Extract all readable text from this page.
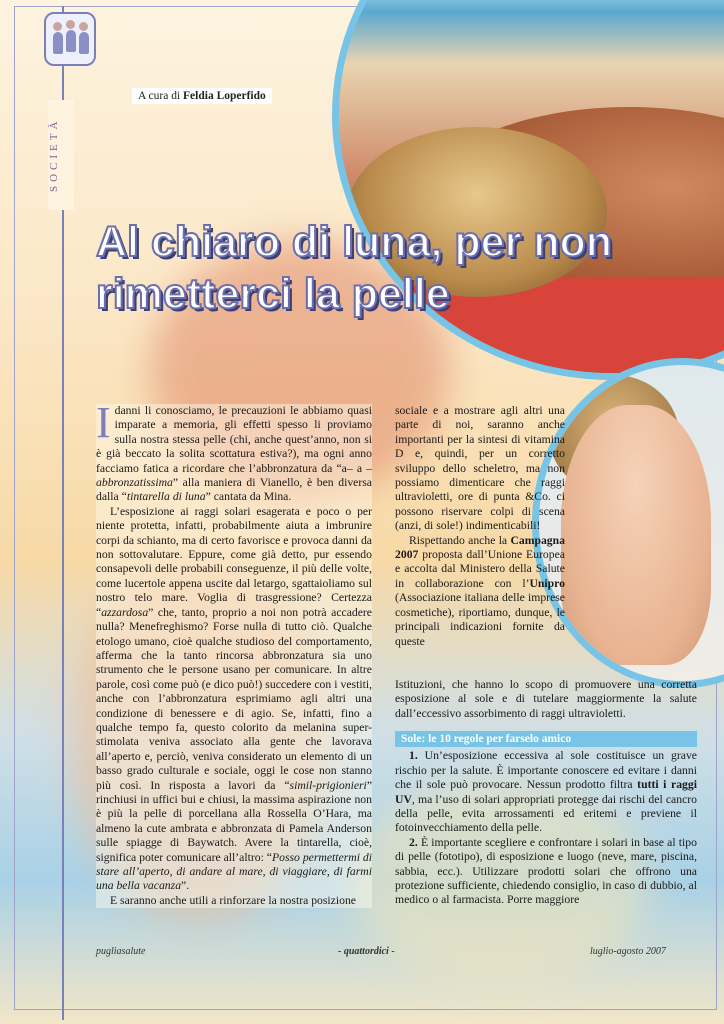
SOCIETÀ
A cura di Feldia Loperfido
Al chiaro di luna, per non rimetterci la pelle

Idanni li conosciamo, le precauzioni le abbiamo quasi imparate a memoria, gli effetti spesso li proviamo sulla nostra stessa pelle (chi, anche quest’anno, non si è già beccato la solita scottatura estiva?), ma ogni anno facciamo fatica a ricordare che l’abbronzatura da “a– a –abbronzatissima” alla maniera di Vianello, è ben diversa dalla “tintarella di luna” cantata da Mina.

L’esposizione ai raggi solari esagerata e poco o per niente protetta, infatti, probabilmente aiuta a imbrunire corpi da schianto, ma di certo favorisce e provoca danni da non sottovalutare. Eppure, come già detto, pur essendo consapevoli delle probabili conseguenze, il più delle volte, come lucertole appena uscite dal letargo, sgattaioliamo sul nostro telo mare. Voglia di trasgressione? Certezza “azzardosa” che, tanto, proprio a noi non potrà accadere nulla? Menefreghismo? Forse nulla di tutto ciò. Qualche etologo umano, cioè qualche studioso del comportamento, afferma che la tanto rincorsa abbronzatura sia uno strumento che le persone usano per comunicare. In altre parole, così come può (e dico può!) succedere con i vestiti, anche con l’abbronzatura esprimiamo agli altri una condizione di benessere e di agio. Se, infatti, fino a qualche tempo fa, questo colorito da melanina super-stimolata veniva associato alla gente che lavorava all’aperto e, perciò, veniva considerato un elemento di un basso grado culturale e sociale, oggi le cose non stanno più così. In risposta a lavori da “simil-prigionieri” rinchiusi in uffici bui e chiusi, la massima aspirazione non è più la pelle di porcellana alla Rossella O’Hara, ma almeno la cute ambrata e abbronzata di Pamela Anderson sulle spiagge di Baywatch. Avere la tintarella, cioè, significa poter comunicare all’altro: “Posso permettermi di stare all’aperto, di andare al mare, di viaggiare, di farmi una bella vacanza”.

E saranno anche utili a rinforzare la nostra posizione

sociale e a mostrare agli altri una parte di noi, saranno anche importanti per la sintesi di vitamina D e, quindi, per un corretto sviluppo dello scheletro, ma non possiamo dimenticare che raggi ultravioletti, ore di punta &Co. ci possono riservare colpi di scena (anzi, di sole!) indimenticabili!

Rispettando anche la Campagna 2007 proposta dall’Unione Europea e accolta dal Ministero della Salute in collaborazione con l’Unipro (Associazione italiana delle imprese cosmetiche), riportiamo, dunque, le principali indicazioni fornite da queste

Istituzioni, che hanno lo scopo di promuovere una corretta esposizione al sole e di tutelare maggiormente la salute dall’eccessivo assorbimento di raggi ultravioletti.
Sole: le 10 regole per farselo amico

1. Un’esposizione eccessiva al sole costituisce un grave rischio per la salute. È importante conoscere ed evitare i danni che il sole può provocare. Nessun prodotto filtra tutti i raggi UV, ma l’uso di solari appropriati protegge dai rischi del cancro della pelle, evita arrossamenti ed eritemi e previene il fotoinvecchiamento della pelle.

2. È importante scegliere e confrontare i solari in base al tipo di pelle (fototipo), di esposizione e luogo (neve, mare, piscina, sabbia, ecc.). Utilizzare prodotti solari che offrono una protezione sufficiente, chiedendo consiglio, in caso di dubbio, al medico o al farmacista. Porre maggiore

pugliasalute	- quattordici -	luglio-agosto 2007
